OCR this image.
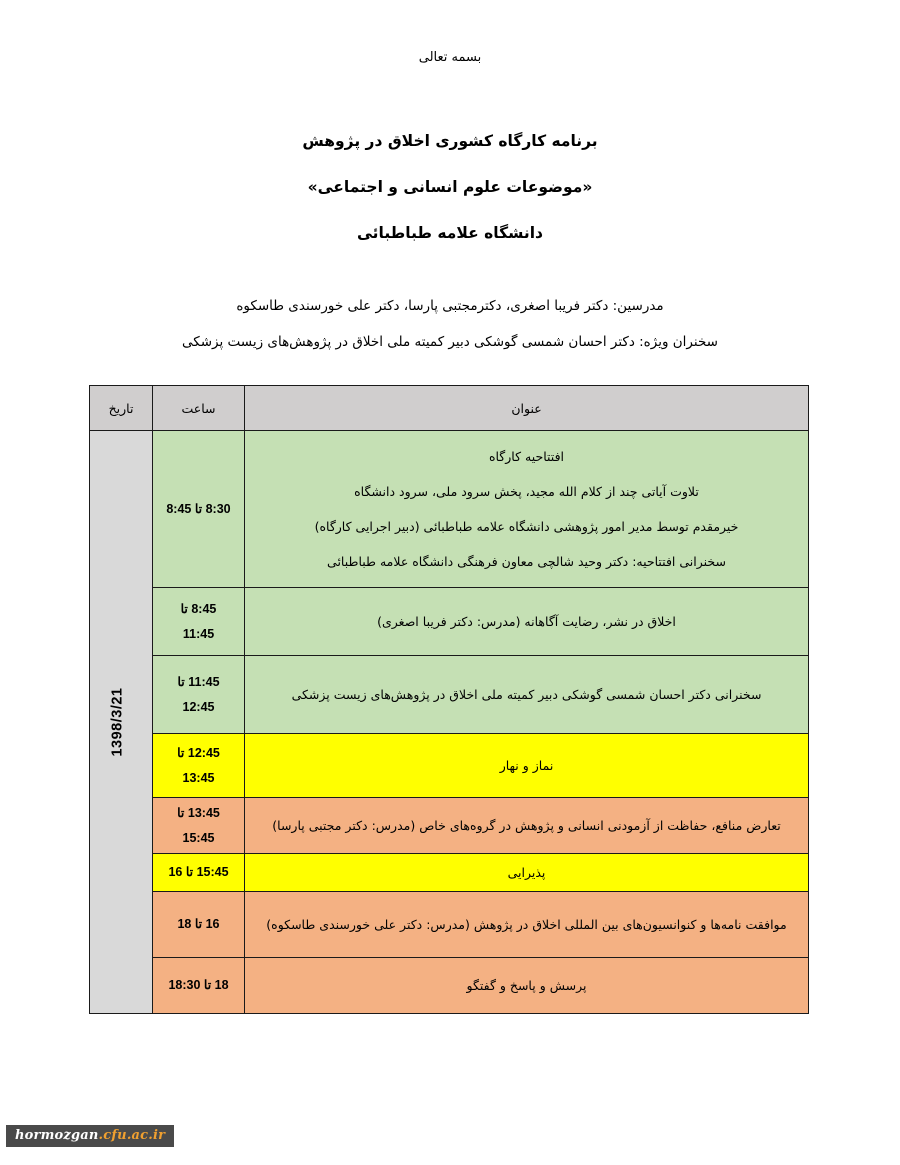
بسمه تعالی
برنامه کارگاه کشوری اخلاق در پژوهش
«موضوعات علوم انسانی و اجتماعی»
دانشگاه علامه طباطبائی
مدرسین: دکتر فریبا اصغری، دکترمجتبی پارسا، دکتر علی خورسندی طاسکوه
سخنران ویژه: دکتر احسان شمسی گوشکی دبیر کمیته ملی اخلاق در پژوهش‌های زیست پزشکی
عنوان	ساعت	تاریخ

افتتاحیه کارگاه
تلاوت آیاتی چند از کلام الله مجید، پخش سرود ملی، سرود دانشگاه
خیرمقدم توسط مدیر امور پژوهشی دانشگاه علامه طباطبائی (دبیر اجرایی کارگاه)
سخنرانی افتتاحیه: دکتر وحید شالچی معاون فرهنگی دانشگاه علامه طباطبائی	8:30 تا 8:45	1398/3/21

اخلاق در نشر، رضایت آگاهانه (مدرس: دکتر فریبا اصغری)	8:45 تا
11:45	

سخنرانی دکتر احسان شمسی گوشکی دبیر کمیته ملی اخلاق در پژوهش‌های زیست پزشکی	11:45 تا
12:45	

نماز و نهار	12:45 تا
13:45	

تعارض منافع، حفاظت از آزمودنی انسانی و پژوهش در گروه‌های خاص (مدرس: دکتر مجتبی پارسا)	13:45 تا
15:45	

پذیرایی	15:45 تا 16	

موافقت نامه‌ها و کنوانسیون‌های بین المللی اخلاق در پژوهش (مدرس: دکتر علی خورسندی طاسکوه)	16 تا 18	

پرسش و پاسخ و گفتگو	18 تا 18:30	
hormozgan.cfu.ac.ir
